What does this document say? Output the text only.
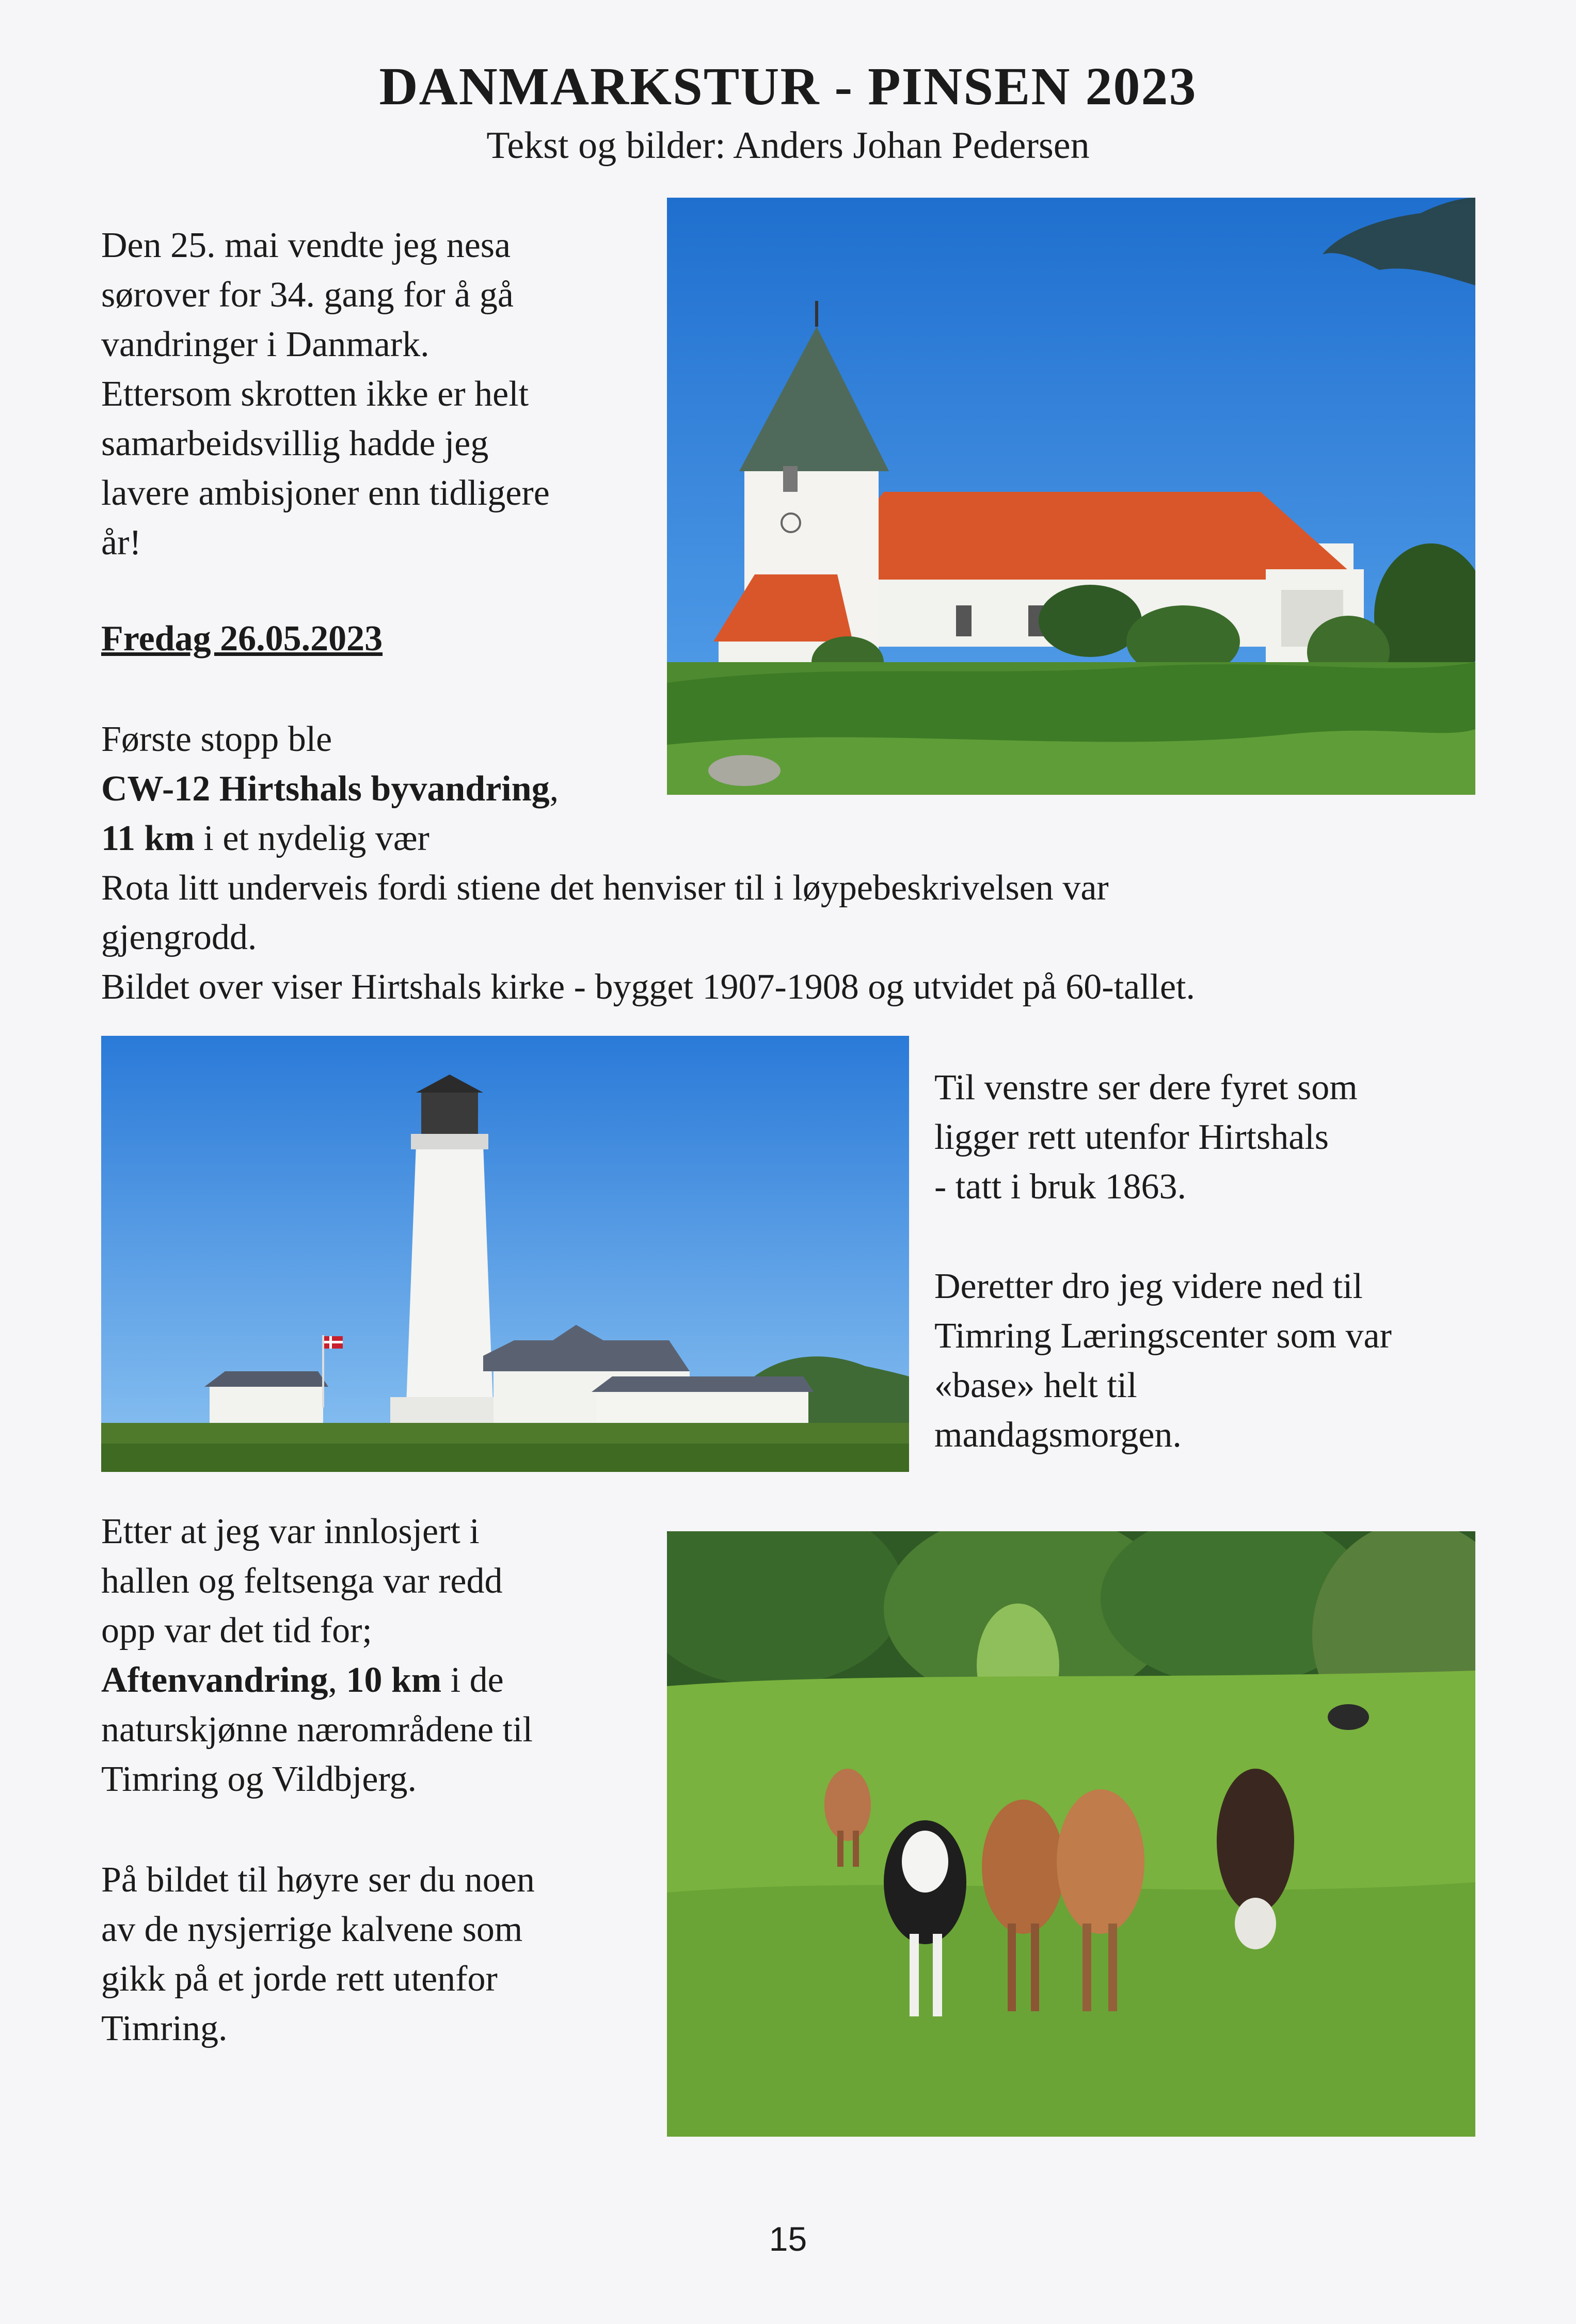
DANMARKSTUR - PINSEN 2023
Tekst og bilder: Anders Johan Pedersen

Den 25. mai vendte jeg nesa

sørover for 34. gang for å gå

vandringer i Danmark.

Ettersom skrotten ikke er helt

samarbeidsvillig hadde jeg

lavere ambisjoner enn tidligere

år!

Fredag 26.05.2023

Første stopp ble

CW-12 Hirtshals byvandring,

11 km i et nydelig vær

Rota litt underveis fordi stiene det henviser til i løypebeskrivelsen var

gjengrodd.

Bildet over viser Hirtshals kirke - bygget 1907-1908 og utvidet på 60-tallet.

Til venstre ser dere fyret som

ligger rett utenfor Hirtshals

- tatt i bruk 1863.

Deretter dro jeg videre ned til

Timring Læringscenter som var

«base» helt til

mandagsmorgen.

Etter at jeg var innlosjert i

hallen og feltsenga var redd

opp var det tid for;

Aftenvandring, 10 km i de

naturskjønne nærområdene til

Timring og Vildbjerg.

På bildet til høyre ser du noen

av de nysjerrige kalvene som

gikk på et jorde rett utenfor

Timring.

15
